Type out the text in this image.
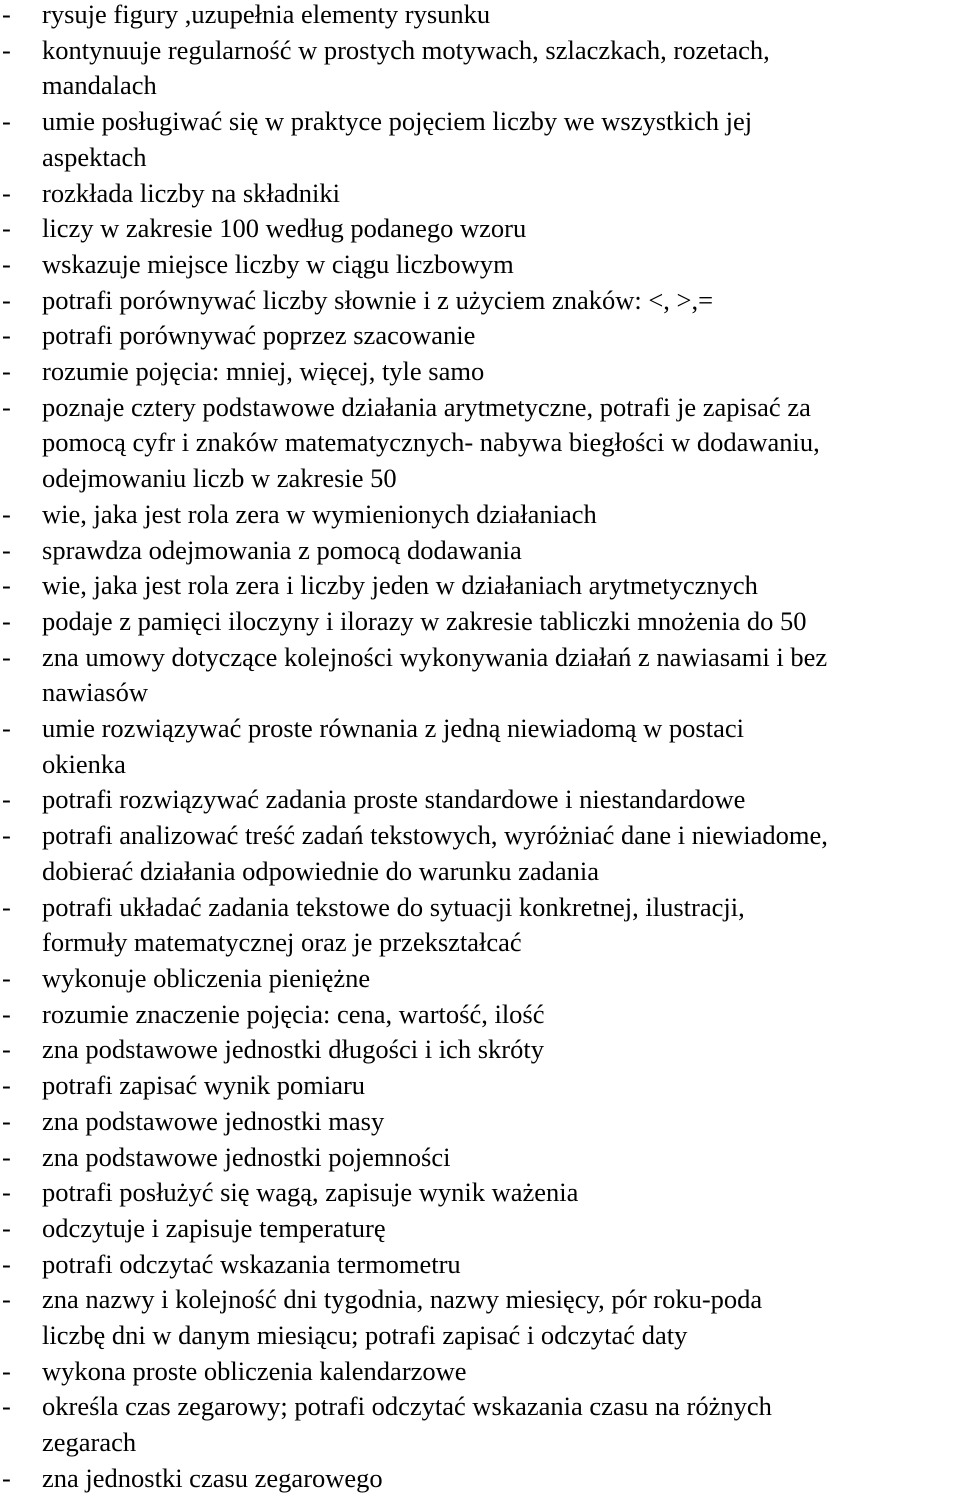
-	rysuje figury ,uzupełnia elementy rysunku
-	kontynuuje regularność w prostych motywach, szlaczkach, rozetach,
mandalach
-	umie posługiwać się w praktyce pojęciem liczby we wszystkich jej
aspektach
-	rozkłada liczby na składniki
-	liczy w zakresie 100 według podanego wzoru
-	wskazuje miejsce liczby w ciągu liczbowym
-	potrafi porównywać liczby słownie i z użyciem znaków: <, >,=
-	potrafi porównywać poprzez szacowanie
-	rozumie pojęcia: mniej, więcej, tyle samo
-	poznaje cztery podstawowe działania arytmetyczne, potrafi je zapisać za
pomocą cyfr i znaków matematycznych- nabywa biegłości w dodawaniu,
odejmowaniu liczb w zakresie 50
-	wie, jaka jest rola zera w wymienionych działaniach
-	sprawdza odejmowania z pomocą dodawania
-	wie, jaka jest rola zera i liczby jeden w działaniach arytmetycznych
-	podaje z pamięci iloczyny i ilorazy w zakresie tabliczki mnożenia do 50
-	zna umowy dotyczące kolejności wykonywania działań z nawiasami i bez
nawiasów
-	umie rozwiązywać proste równania z jedną niewiadomą w postaci
okienka
-	potrafi rozwiązywać zadania proste standardowe i niestandardowe
-	potrafi analizować treść zadań tekstowych, wyróżniać dane i niewiadome,
dobierać działania odpowiednie do warunku zadania
-	potrafi układać zadania tekstowe do sytuacji konkretnej, ilustracji,
formuły matematycznej oraz je przekształcać
-	wykonuje obliczenia pieniężne
-	rozumie znaczenie pojęcia: cena, wartość, ilość
-	zna podstawowe jednostki długości i ich skróty
-	potrafi zapisać wynik pomiaru
-	zna podstawowe jednostki masy
-	zna podstawowe jednostki pojemności
-	potrafi posłużyć się wagą, zapisuje wynik ważenia
-	odczytuje i zapisuje temperaturę
-	potrafi odczytać wskazania termometru
-	zna nazwy i kolejność dni tygodnia, nazwy miesięcy, pór roku-poda
liczbę dni w danym miesiącu; potrafi zapisać i odczytać daty
-	wykona proste obliczenia kalendarzowe
-	określa czas zegarowy; potrafi odczytać wskazania czasu na różnych
zegarach
-	zna jednostki czasu zegarowego
